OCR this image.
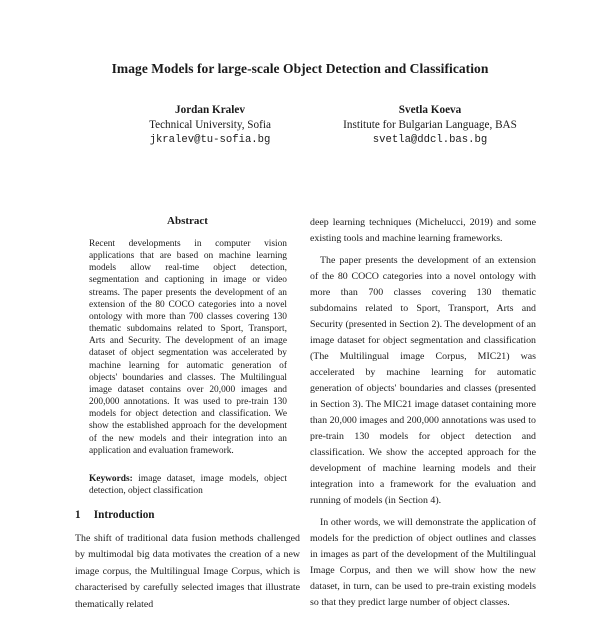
Image Models for large-scale Object Detection and Classification
Jordan Kralev
Technical University, Sofia
jkralev@tu-sofia.bg
Svetla Koeva
Institute for Bulgarian Language, BAS
svetla@ddcl.bas.bg
Abstract
Recent developments in computer vision applications that are based on machine learning models allow real-time object detection, segmentation and captioning in image or video streams. The paper presents the development of an extension of the 80 COCO categories into a novel ontology with more than 700 classes covering 130 thematic subdomains related to Sport, Transport, Arts and Security. The development of an image dataset of object segmentation was accelerated by machine learning for automatic generation of objects' boundaries and classes. The Multilingual image dataset contains over 20,000 images and 200,000 annotations. It was used to pre-train 130 models for object detection and classification. We show the established approach for the development of the new models and their integration into an application and evaluation framework.
Keywords: image dataset, image models, object detection, object classification
1 Introduction
The shift of traditional data fusion methods challenged by multimodal big data motivates the creation of a new image corpus, the Multilingual Image Corpus, which is characterised by carefully selected images that illustrate thematically related

deep learning techniques (Michelucci, 2019) and some existing tools and machine learning frameworks.

The paper presents the development of an extension of the 80 COCO categories into a novel ontology with more than 700 classes covering 130 thematic subdomains related to Sport, Transport, Arts and Security (presented in Section 2). The development of an image dataset for object segmentation and classification (The Multilingual image Corpus, MIC21) was accelerated by machine learning for automatic generation of objects' boundaries and classes (presented in Section 3). The MIC21 image dataset containing more than 20,000 images and 200,000 annotations was used to pre-train 130 models for object detection and classification. We show the accepted approach for the development of machine learning models and their integration into a framework for the evaluation and running of models (in Section 4).

In other words, we will demonstrate the application of models for the prediction of object outlines and classes in images as part of the development of the Multilingual Image Corpus, and then we will show how the new dataset, in turn, can be used to pre-train existing models so that they predict large number of object classes.
